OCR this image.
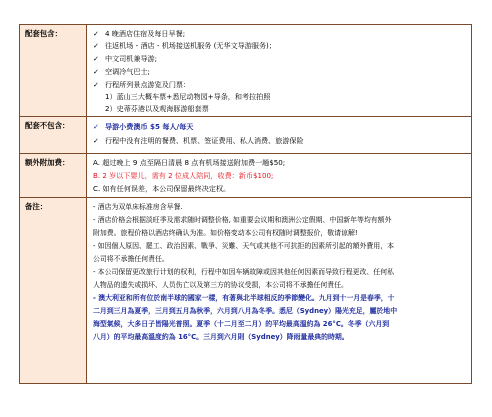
配套包含：	✓ 4 晚酒店住宿及每日早餐;
✓ 往返机场 - 酒店 - 机场接送机服务 (无华文导游服务)；
✓ 中文司机兼导游;
✓ 空调冷气巴士;
✓ 行程所列景点游览及门票：
1）蓝山三大概车票+悉尼动物园+导条，和考拉拍照
2）史蒂芬港以及观海豚游船套票
配套不包含：	✓ 导游小费澳币 $5 每人/每天
✓ 行程中没有注明的餐费、机票、签证费用、私人消费、旅游保险
额外附加费：	A. 超过晚上 9 点至隔日清晨 8 点有机场接送附加费一趟$50;
B. 2 岁以下婴儿，需有 2 位成人陪同，收费：新币$100;
C. 如有任何误差，本公司保留最终决定权。
备注：	- 酒店为双单床标准房含早餐.
- 酒店价格会根据淡旺季及需求随时调整价格, 如重要会议期和澳洲公定假期、中国新年等均有额外
附加费。旅程价格以酒店终确认为准。如价格变动本公司有权随时调整报价，敬请谅解!
- 如因個人原因、罷工、政治因素、戰爭、災難、天气或其他不可抗拒的因素所引起的額外費用，本
公司将不承擔任何責任。
- 本公司保留更改旅行计划的权利，行程中如因车辆故障或因其他任何因素而导致行程更改、任何私
人物品的遗失或损坏、人员伤亡以及第三方的协议受损，本公司将不承擔任何責任。
- 澳大利亚和所有位於南半球的國家一樣，有著與北半球相反的季節變化。九月到十一月是春季，十
二月到三月為夏季，三月到五月為秋季，六月到八月為冬季。悉尼（Sydney）陽光充足，屬於地中
海型氣候，大多日子皆陽光普照。夏季（十二月至二月）的平均最高溫約為 26°C。冬季（六月到
八月）的平均最高溫度約為 16°C。三月到六月則（Sydney）降雨量最典的時期。
